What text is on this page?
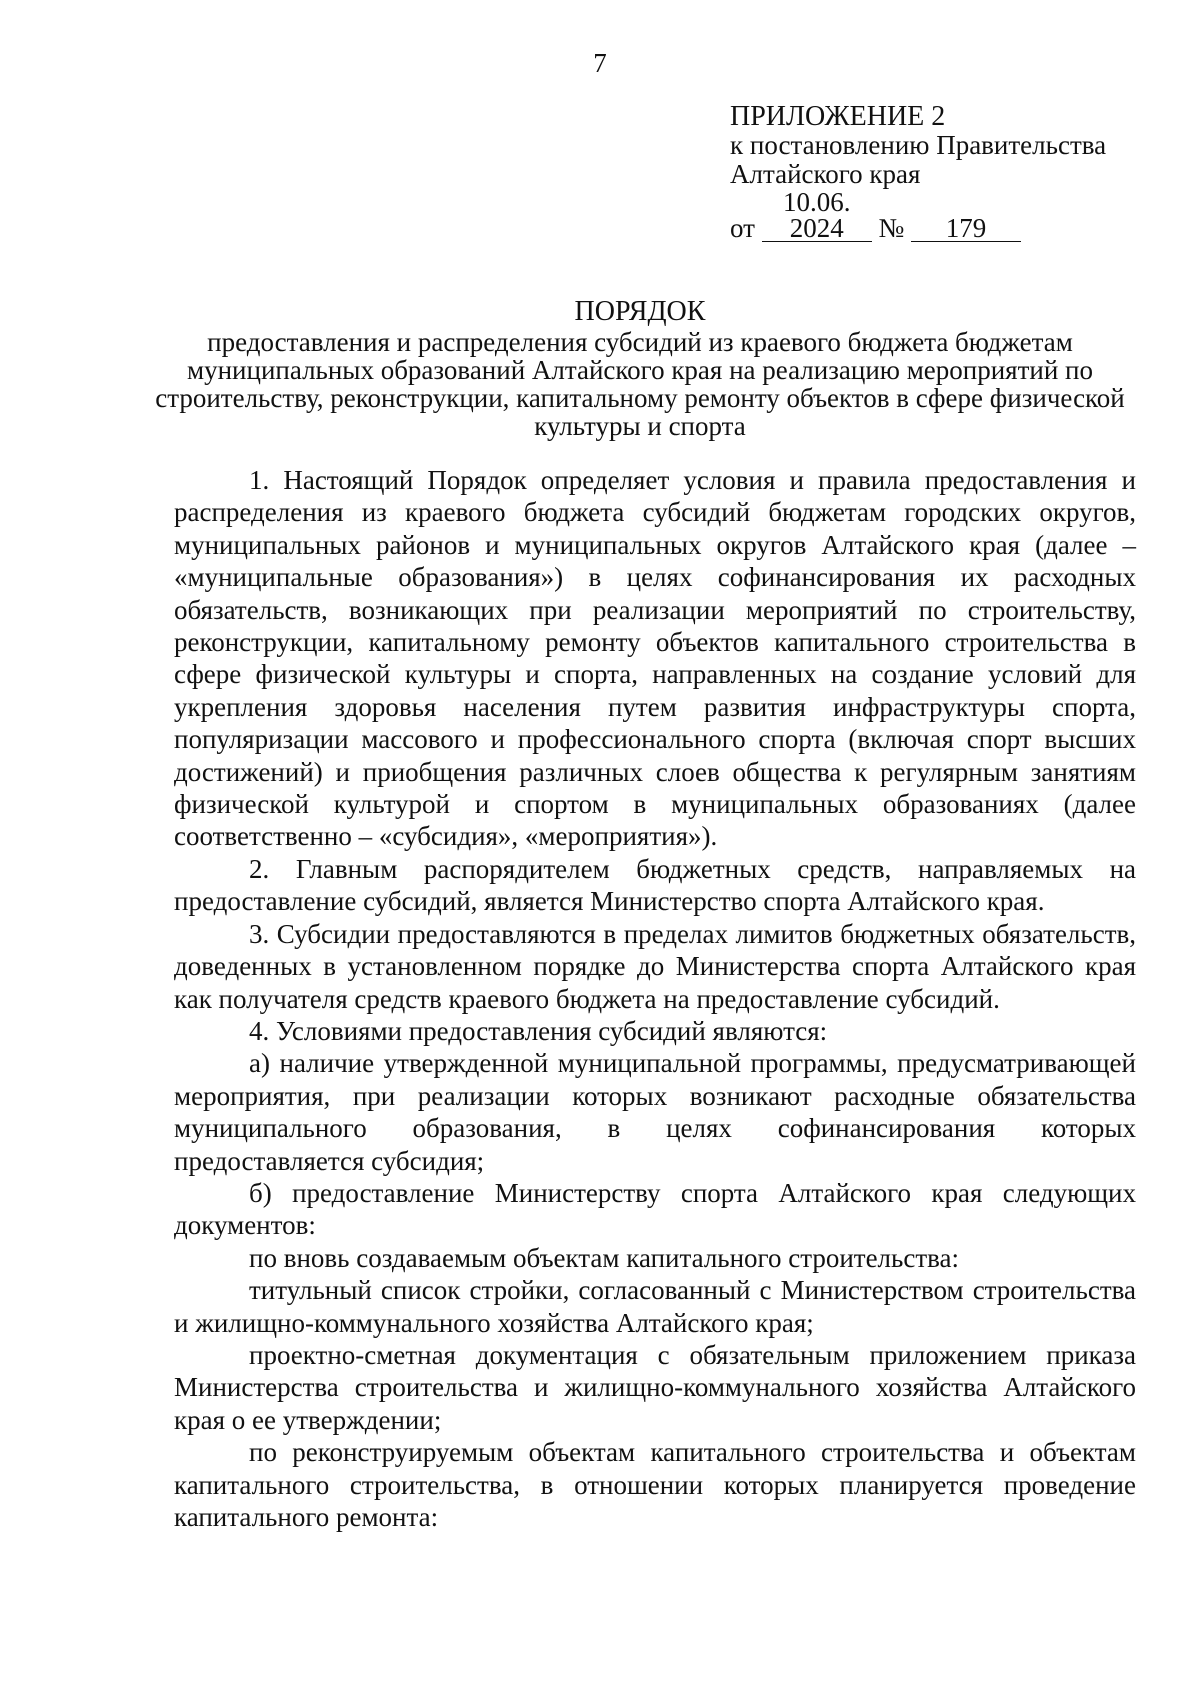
7
ПРИЛОЖЕНИЕ 2
к постановлению Правительства
Алтайского края
от 10.06. 2024 № 179
ПОРЯДОК
предоставления и распределения субсидий из краевого бюджета бюджетам муниципальных образований Алтайского края на реализацию мероприятий по строительству, реконструкции, капитальному ремонту объектов в сфере физической культуры и спорта

1. Настоящий Порядок определяет условия и правила предоставления и распределения из краевого бюджета субсидий бюджетам городских округов, муниципальных районов и муниципальных округов Алтайского края (далее – «муниципальные образования») в целях софинансирования их расходных обязательств, возникающих при реализации мероприятий по строительству, реконструкции, капитальному ремонту объектов капитального строительства в сфере физической культуры и спорта, направленных на создание условий для укрепления здоровья населения путем развития инфраструктуры спорта, популяризации массового и профессионального спорта (включая спорт высших достижений) и приобщения различных слоев общества к регулярным занятиям физической культурой и спортом в муниципальных образованиях (далее соответственно – «субсидия», «мероприятия»).

2. Главным распорядителем бюджетных средств, направляемых на предоставление субсидий, является Министерство спорта Алтайского края.

3. Субсидии предоставляются в пределах лимитов бюджетных обязательств, доведенных в установленном порядке до Министерства спорта Алтайского края как получателя средств краевого бюджета на предоставление субсидий.

4. Условиями предоставления субсидий являются:

а) наличие утвержденной муниципальной программы, предусматривающей мероприятия, при реализации которых возникают расходные обязательства муниципального образования, в целях софинансирования которых предоставляется субсидия;

б) предоставление Министерству спорта Алтайского края следующих документов:

по вновь создаваемым объектам капитального строительства:

титульный список стройки, согласованный с Министерством строительства и жилищно-коммунального хозяйства Алтайского края;

проектно-сметная документация с обязательным приложением приказа Министерства строительства и жилищно-коммунального хозяйства Алтайского края о ее утверждении;

по реконструируемым объектам капитального строительства и объектам капитального строительства, в отношении которых планируется проведение капитального ремонта:
